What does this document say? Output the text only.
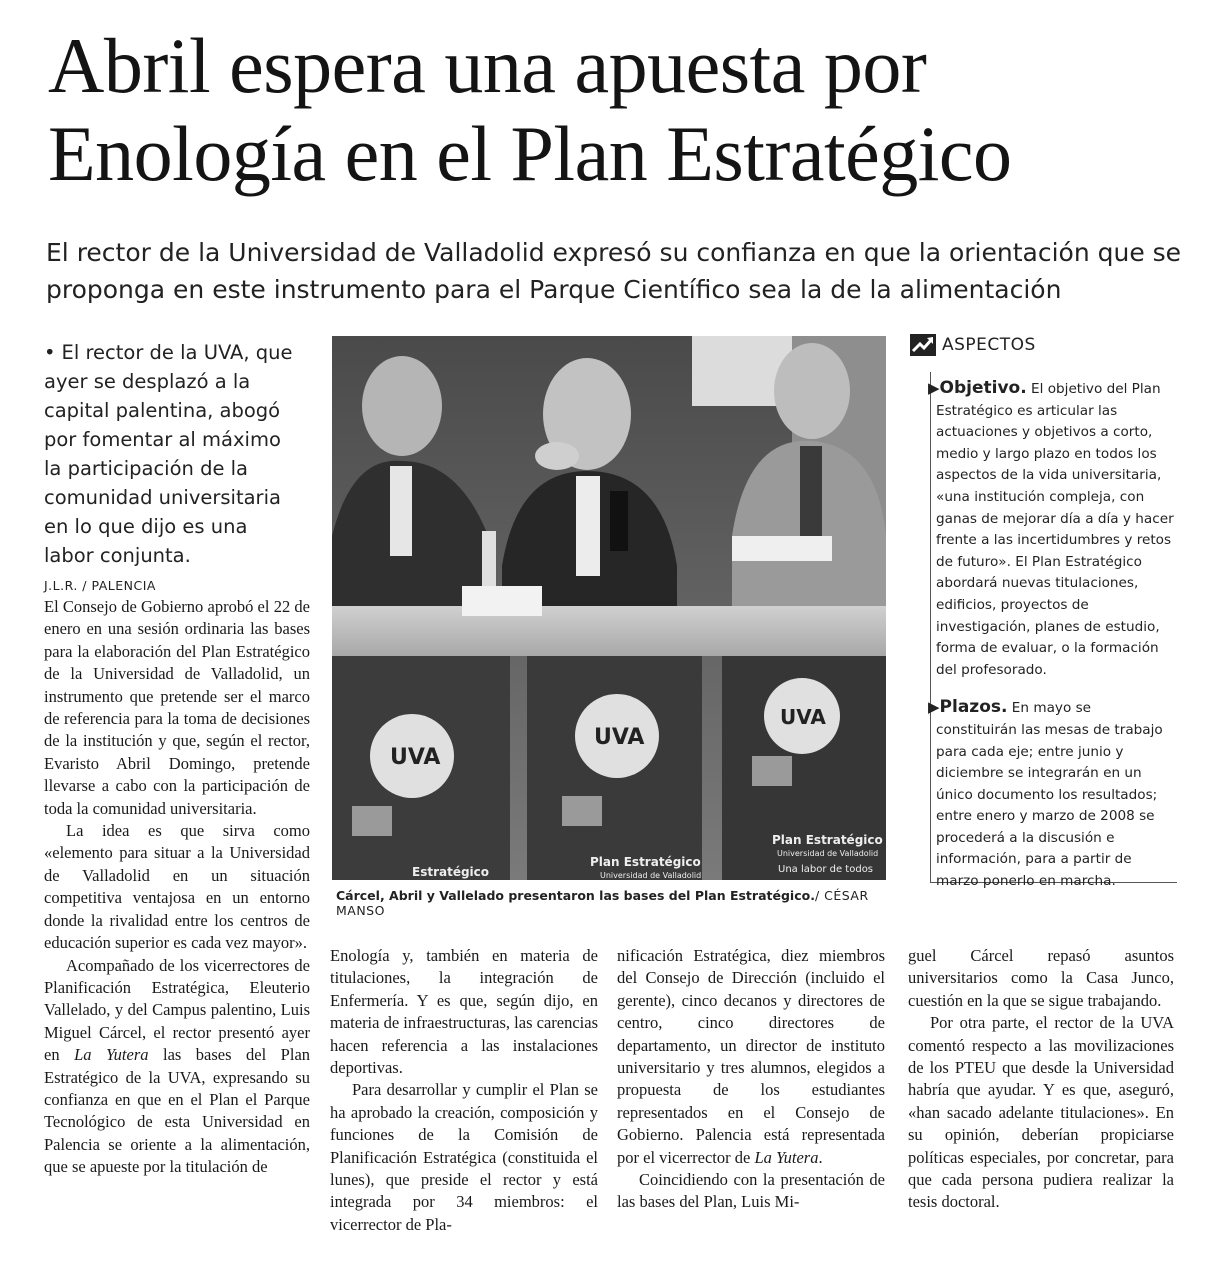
Abril espera una apuesta por
Enología en el Plan Estratégico
El rector de la Universidad de Valladolid expresó su confianza en que la orientación que se
proponga en este instrumento para el Parque Científico sea la de la alimentación
• El rector de la UVA, que ayer se desplazó a la capital palentina, abogó por fomentar al máximo la participación de la comunidad universitaria en lo que dijo es una labor conjunta.
J.L.R. / PALENCIA

El Consejo de Gobierno aprobó el 22 de enero en una sesión ordinaria las bases para la elaboración del Plan Estratégico de la Universidad de Valladolid, un instrumento que pretende ser el marco de referencia para la toma de decisiones de la institución y que, según el rector, Evaristo Abril Domingo, pretende llevarse a cabo con la participación de toda la comunidad universitaria.

La idea es que sirva como «elemento para situar a la Universidad de Valladolid en un situación competitiva ventajosa en un entorno donde la rivalidad entre los centros de educación superior es cada vez mayor».

Acompañado de los vicerrectores de Planificación Estratégica, Eleuterio Vallelado, y del Campus palentino, Luis Miguel Cárcel, el rector presentó ayer en La Yutera las bases del Plan Estratégico de la UVA, expresando su confianza en que en el Plan el Parque Tecnológico de esta Universidad en Palencia se oriente a la alimentación, que se apueste por la titulación de

UVA
UVA
UVA
Plan Estratégico
Universidad de Valladolid
Plan Estratégico
Universidad de Valladolid
Una labor de todos
Estratégico
Cárcel, Abril y Vallelado presentaron las bases del Plan Estratégico./ CÉSAR MANSO
ASPECTOS

▶Objetivo. El objetivo del Plan Estratégico es articular las actuaciones y objetivos a corto, medio y largo plazo en todos los aspectos de la vida universitaria, «una institución compleja, con ganas de mejorar día a día y hacer frente a las incertidumbres y retos de futuro». El Plan Estratégico abordará nuevas titulaciones, edificios, proyectos de investigación, planes de estudio, forma de evaluar, o la formación del profesorado.

▶Plazos. En mayo se constituirán las mesas de trabajo para cada eje; entre junio y diciembre se integrarán en un único documento los resultados; entre enero y marzo de 2008 se procederá a la discusión e información, para a partir de marzo ponerlo en marcha.

Enología y, también en materia de titulaciones, la integración de Enfermería. Y es que, según dijo, en materia de infraestructuras, las carencias hacen referencia a las instalaciones deportivas.

Para desarrollar y cumplir el Plan se ha aprobado la creación, composición y funciones de la Comisión de Planificación Estratégica (constituida el lunes), que preside el rector y está integrada por 34 miembros: el vicerrector de Pla-

nificación Estratégica, diez miembros del Consejo de Dirección (incluido el gerente), cinco decanos y directores de centro, cinco directores de departamento, un director de instituto universitario y tres alumnos, elegidos a propuesta de los estudiantes representados en el Consejo de Gobierno. Palencia está representada por el vicerrector de La Yutera.

Coincidiendo con la presentación de las bases del Plan, Luis Mi-

guel Cárcel repasó asuntos universitarios como la Casa Junco, cuestión en la que se sigue trabajando.

Por otra parte, el rector de la UVA comentó respecto a las movilizaciones de los PTEU que desde la Universidad habría que ayudar. Y es que, aseguró, «han sacado adelante titulaciones». En su opinión, deberían propiciarse políticas especiales, por concretar, para que cada persona pudiera realizar la tesis doctoral.
